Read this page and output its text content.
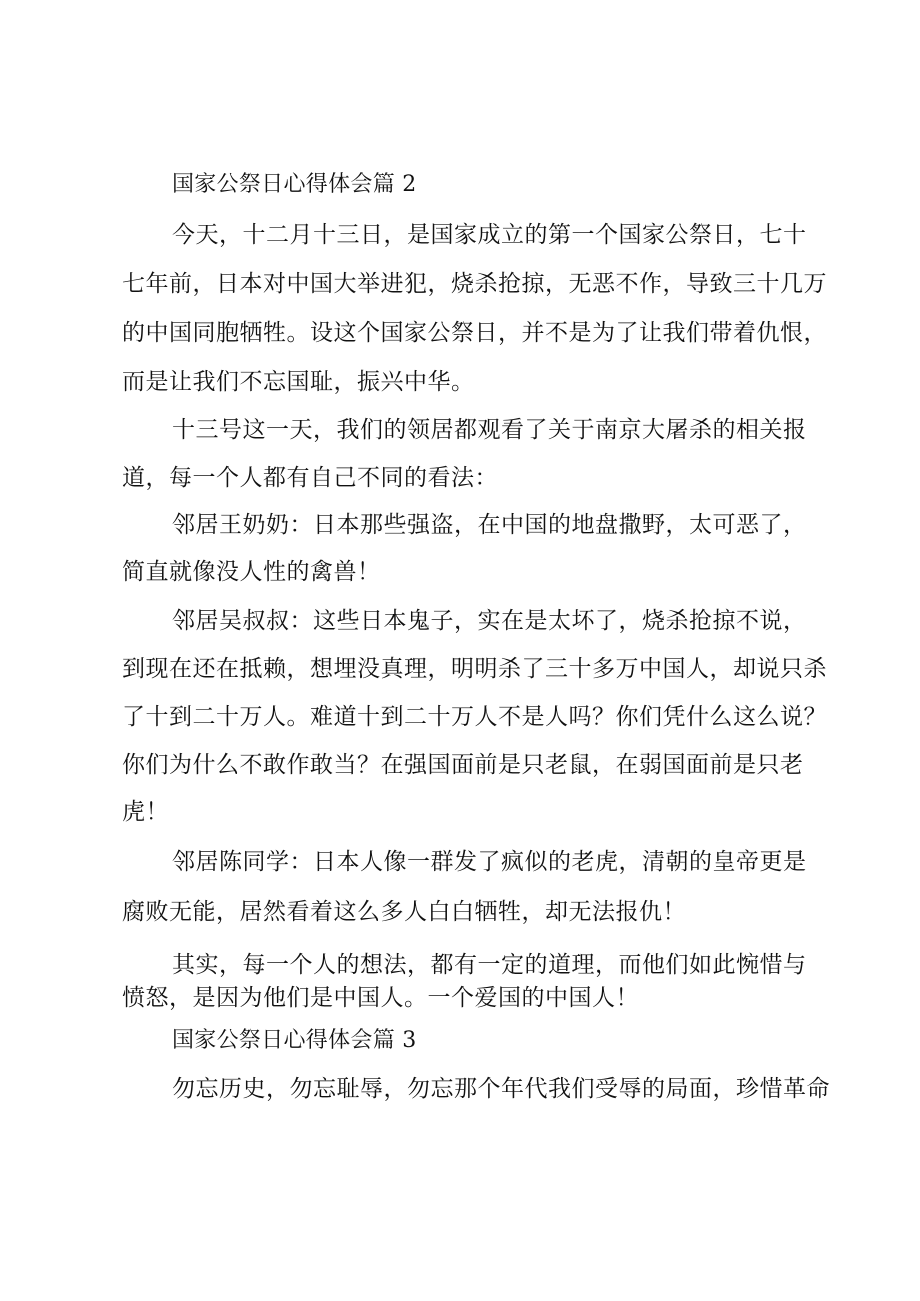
国家公祭日心得体会篇 2
今天，十二月十三日，是国家成立的第一个国家公祭日，七十
七年前，日本对中国大举进犯，烧杀抢掠，无恶不作，导致三十几万
的中国同胞牺牲。设这个国家公祭日，并不是为了让我们带着仇恨，
而是让我们不忘国耻，振兴中华。
十三号这一天，我们的领居都观看了关于南京大屠杀的相关报
道，每一个人都有自己不同的看法：
邻居王奶奶：日本那些强盗，在中国的地盘撒野，太可恶了，
简直就像没人性的禽兽！
邻居吴叔叔：这些日本鬼子，实在是太坏了，烧杀抢掠不说，
到现在还在抵赖，想埋没真理，明明杀了三十多万中国人，却说只杀
了十到二十万人。难道十到二十万人不是人吗？你们凭什么这么说？
你们为什么不敢作敢当？在强国面前是只老鼠，在弱国面前是只老
虎！
邻居陈同学：日本人像一群发了疯似的老虎，清朝的皇帝更是
腐败无能，居然看着这么多人白白牺牲，却无法报仇！
其实，每一个人的想法，都有一定的道理，而他们如此惋惜与
愤怒，是因为他们是中国人。一个爱国的中国人！
国家公祭日心得体会篇 3
勿忘历史，勿忘耻辱，勿忘那个年代我们受辱的局面，珍惜革命
